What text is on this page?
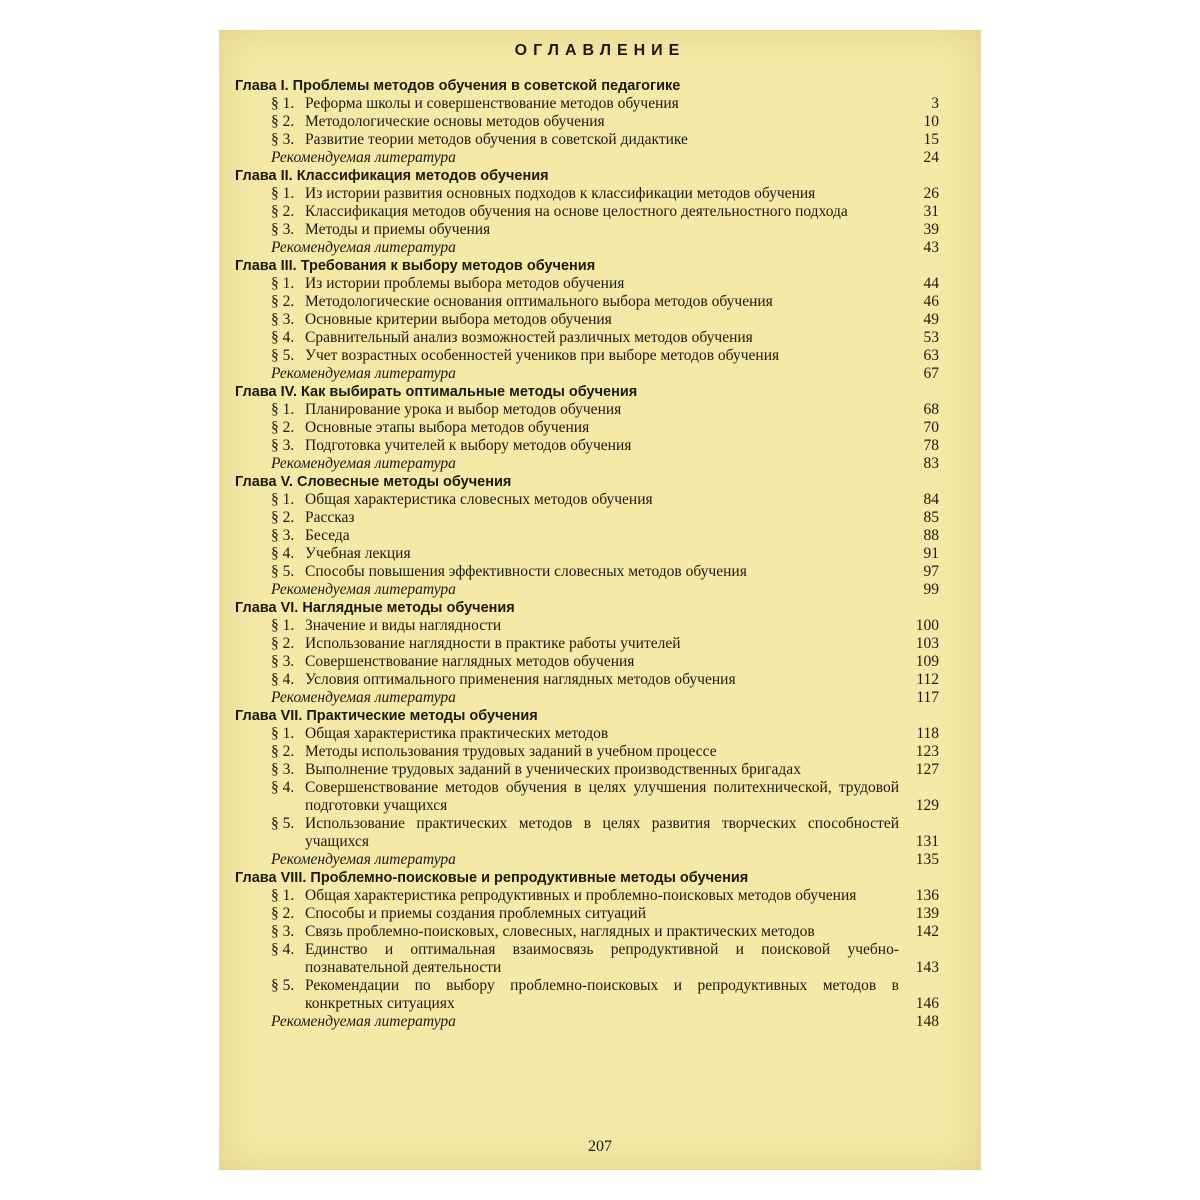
ОГЛАВЛЕНИЕ
Глава I. Проблемы методов обучения в советской педагогике
§ 1. Реформа школы и совершенствование методов обучения	3
§ 2. Методологические основы методов обучения	10
§ 3. Развитие теории методов обучения в советской дидактике	15
Рекомендуемая литература	24
Глава II. Классификация методов обучения
§ 1. Из истории развития основных подходов к классификации методов обучения	26
§ 2. Классификация методов обучения на основе целостного деятельностного подхода	31
§ 3. Методы и приемы обучения	39
Рекомендуемая литература	43
Глава III. Требования к выбору методов обучения
§ 1. Из истории проблемы выбора методов обучения	44
§ 2. Методологические основания оптимального выбора методов обучения	46
§ 3. Основные критерии выбора методов обучения	49
§ 4. Сравнительный анализ возможностей различных методов обучения	53
§ 5. Учет возрастных особенностей учеников при выборе методов обучения	63
Рекомендуемая литература	67
Глава IV. Как выбирать оптимальные методы обучения
§ 1. Планирование урока и выбор методов обучения	68
§ 2. Основные этапы выбора методов обучения	70
§ 3. Подготовка учителей к выбору методов обучения	78
Рекомендуемая литература	83
Глава V. Словесные методы обучения
§ 1. Общая характеристика словесных методов обучения	84
§ 2. Рассказ	85
§ 3. Беседа	88
§ 4. Учебная лекция	91
§ 5. Способы повышения эффективности словесных методов обучения	97
Рекомендуемая литература	99
Глава VI. Наглядные методы обучения
§ 1. Значение и виды наглядности	100
§ 2. Использование наглядности в практике работы учителей	103
§ 3. Совершенствование наглядных методов обучения	109
§ 4. Условия оптимального применения наглядных методов обучения	112
Рекомендуемая литература	117
Глава VII. Практические методы обучения
§ 1. Общая характеристика практических методов	118
§ 2. Методы использования трудовых заданий в учебном процессе	123
§ 3. Выполнение трудовых заданий в ученических производственных бригадах	127
§ 4. Совершенствование методов обучения в целях улучшения политехнической, трудовой подготовки учащихся	129
§ 5. Использование практических методов в целях развития творческих способностей учащихся	131
Рекомендуемая литература	135
Глава VIII. Проблемно-поисковые и репродуктивные методы обучения
§ 1. Общая характеристика репродуктивных и проблемно-поисковых методов обучения	136
§ 2. Способы и приемы создания проблемных ситуаций	139
§ 3. Связь проблемно-поисковых, словесных, наглядных и практических методов	142
§ 4. Единство и оптимальная взаимосвязь репродуктивной и поисковой учебно-познавательной деятельности	143
§ 5. Рекомендации по выбору проблемно-поисковых и репродуктивных методов в конкретных ситуациях	146
Рекомендуемая литература	148
207
